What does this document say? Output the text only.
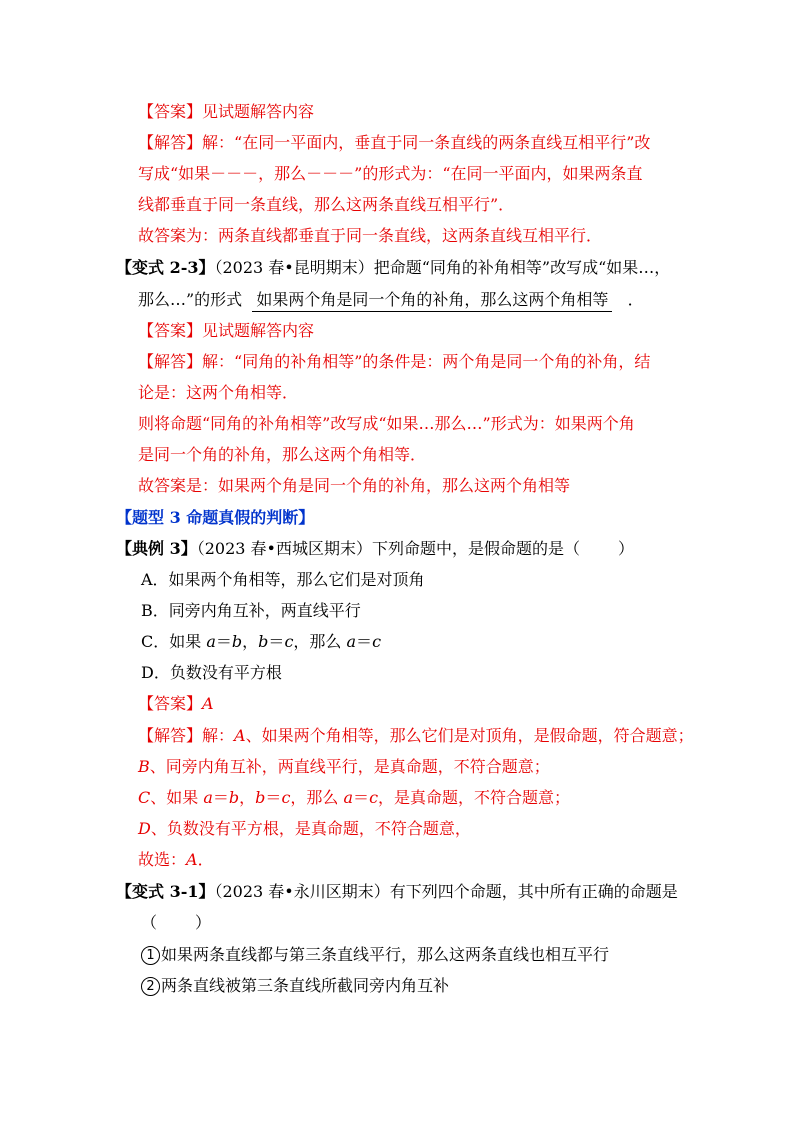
【答案】见试题解答内容
【解答】解：“在同一平面内，垂直于同一条直线的两条直线互相平行”改
写成“如果－－－，那么－－－”的形式为：“在同一平面内，如果两条直
线都垂直于同一条直线，那么这两条直线互相平行”．
故答案为：两条直线都垂直于同一条直线，这两条直线互相平行．
【变式 2-3】（2023 春•昆明期末）把命题“同角的补角相等”改写成“如果…，
那么…”的形式 如果两个角是同一个角的补角，那么这两个角相等 ．
【答案】见试题解答内容
【解答】解：“同角的补角相等”的条件是：两个角是同一个角的补角，结
论是：这两个角相等．
则将命题“同角的补角相等”改写成“如果…那么…”形式为：如果两个角
是同一个角的补角，那么这两个角相等．
故答案是：如果两个角是同一个角的补角，那么这两个角相等
【题型 3 命题真假的判断】
【典例 3】（2023 春•西城区期末）下列命题中，是假命题的是（ ）
A．如果两个角相等，那么它们是对顶角
B．同旁内角互补，两直线平行
C．如果 a＝b，b＝c，那么 a＝c
D．负数没有平方根
【答案】A
【解答】解：A、如果两个角相等，那么它们是对顶角，是假命题，符合题意；
B、同旁内角互补，两直线平行，是真命题，不符合题意；
C、如果 a＝b，b＝c，那么 a＝c，是真命题，不符合题意；
D、负数没有平方根，是真命题，不符合题意，
故选：A．
【变式 3-1】（2023 春•永川区期末）有下列四个命题，其中所有正确的命题是
（ ）
1 如果两条直线都与第三条直线平行，那么这两条直线也相互平行
2 两条直线被第三条直线所截同旁内角互补
